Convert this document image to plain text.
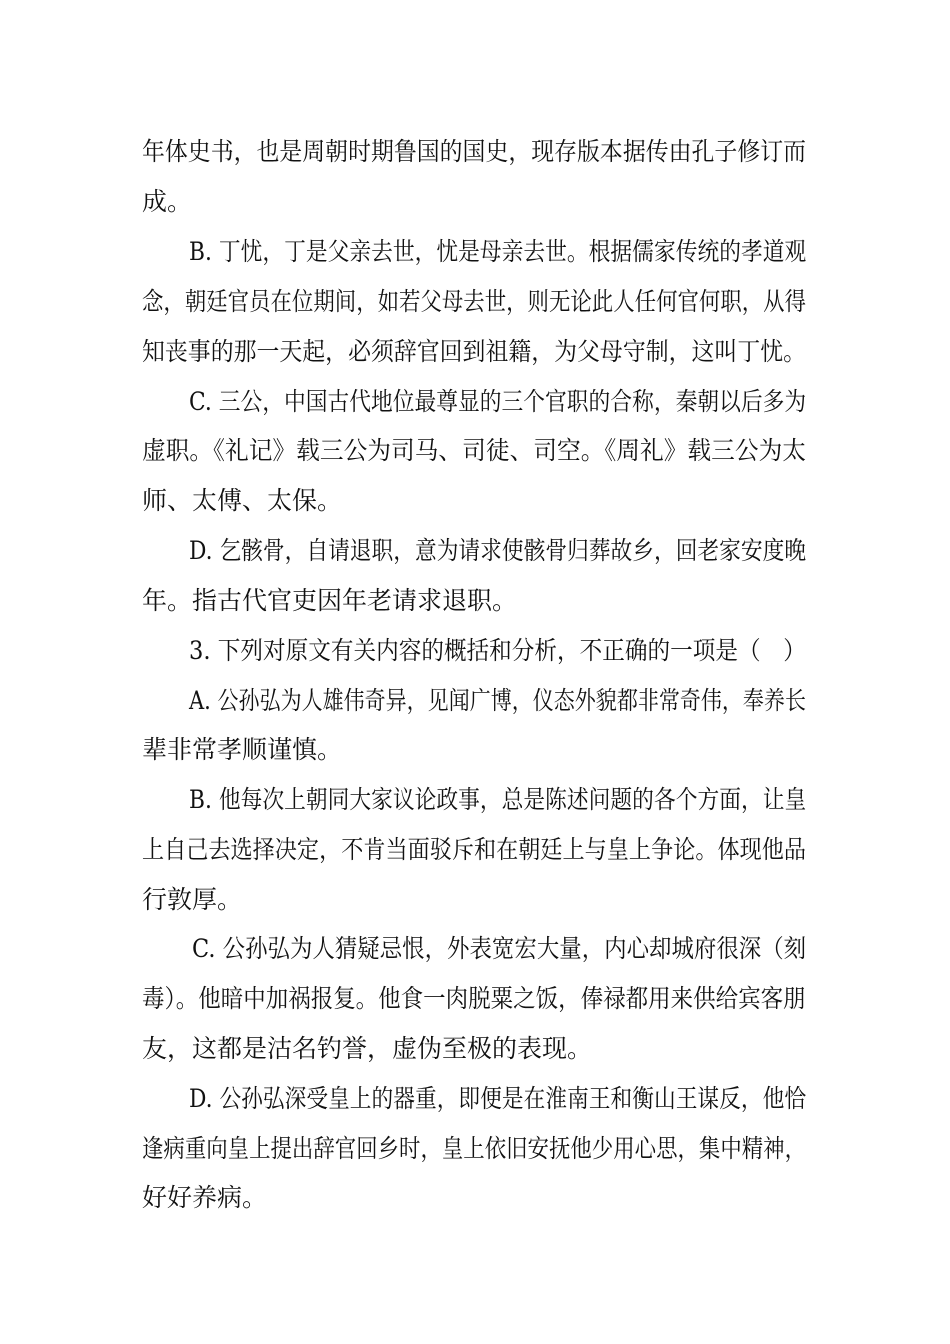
年体史书，也是周朝时期鲁国的国史，现存版本据传由孔子修订而
成。
B. 丁忧，丁是父亲去世，忧是母亲去世。根据儒家传统的孝道观
念，朝廷官员在位期间，如若父母去世，则无论此人任何官何职，从得
知丧事的那一天起，必须辞官回到祖籍，为父母守制，这叫丁忧。
C. 三公，中国古代地位最尊显的三个官职的合称，秦朝以后多为
虚职。《礼记》载三公为司马、司徒、司空。《周礼》载三公为太
师、太傅、太保。
D. 乞骸骨，自请退职，意为请求使骸骨归葬故乡，回老家安度晚
年。指古代官吏因年老请求退职。
3. 下列对原文有关内容的概括和分析，不正确的一项是（　）
A. 公孙弘为人雄伟奇异，见闻广博，仪态外貌都非常奇伟，奉养长
辈非常孝顺谨慎。
B. 他每次上朝同大家议论政事，总是陈述问题的各个方面，让皇
上自己去选择决定，不肯当面驳斥和在朝廷上与皇上争论。体现他品
行敦厚。
C. 公孙弘为人猜疑忌恨，外表宽宏大量，内心却城府很深（刻
毒）。他暗中加祸报复。他食一肉脱粟之饭，俸禄都用来供给宾客朋
友，这都是沽名钓誉，虚伪至极的表现。
D. 公孙弘深受皇上的器重，即便是在淮南王和衡山王谋反，他恰
逢病重向皇上提出辞官回乡时，皇上依旧安抚他少用心思，集中精神，
好好养病。
